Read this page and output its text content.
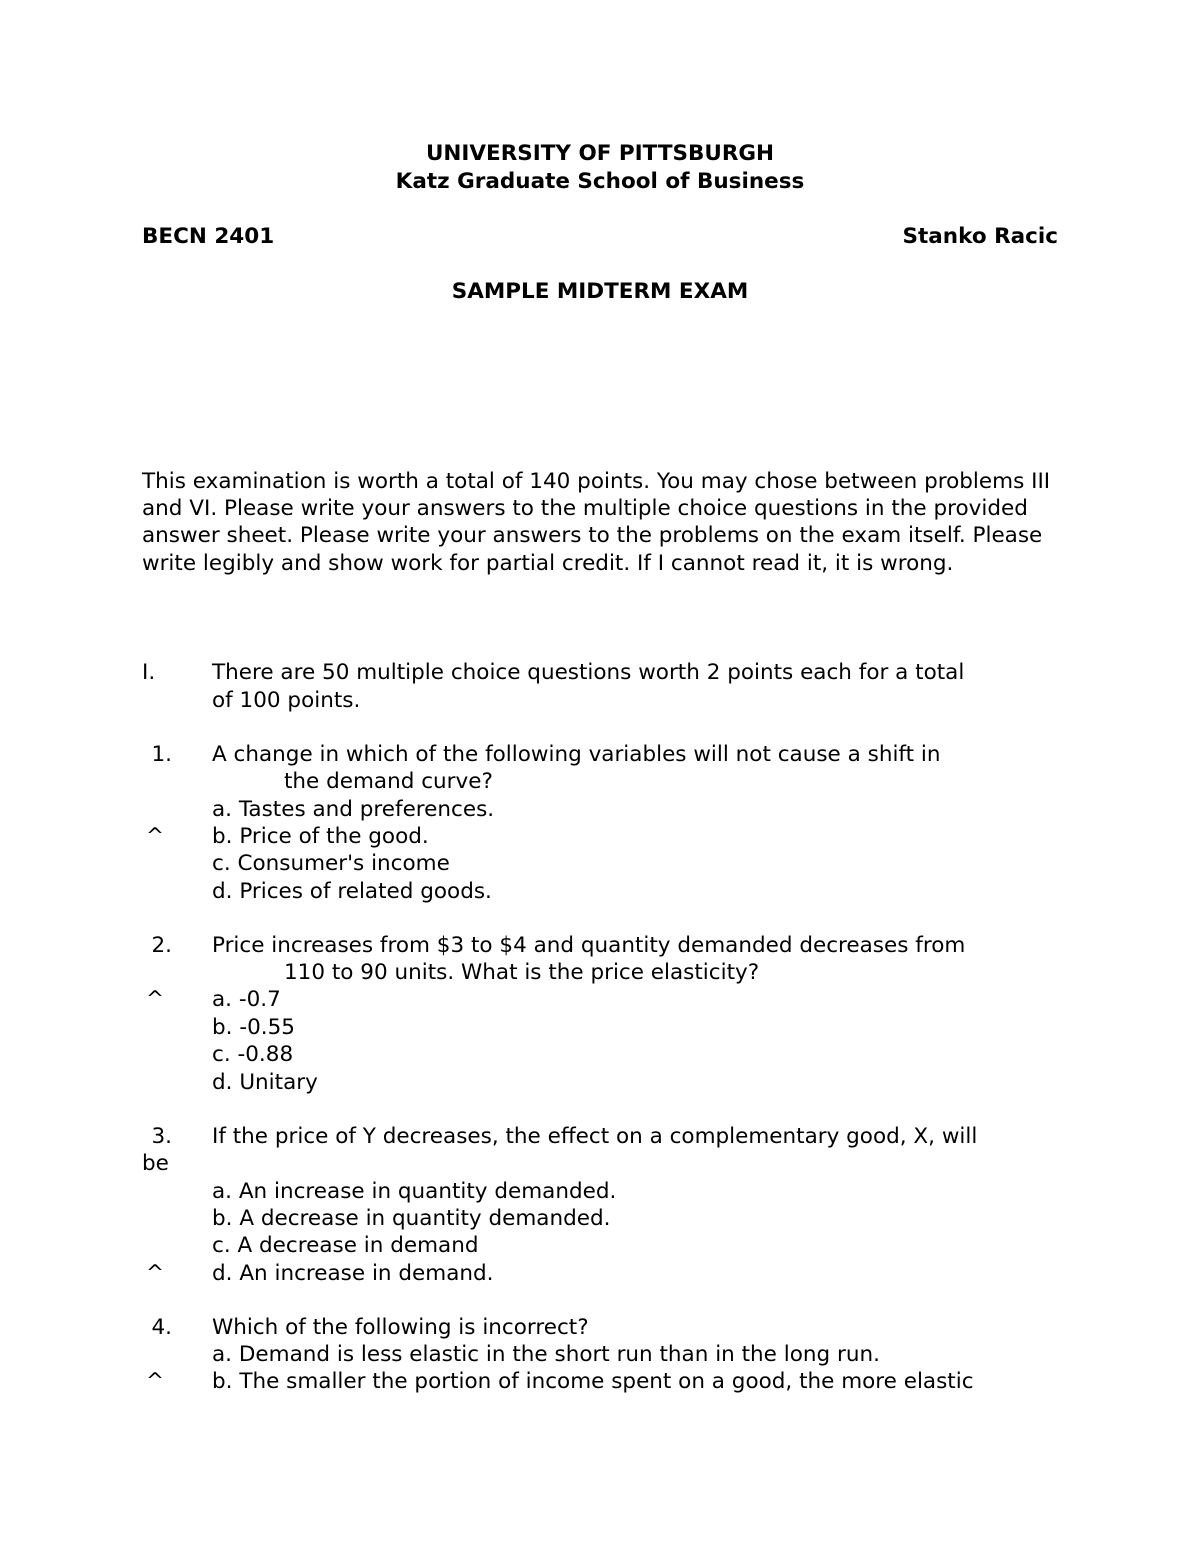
UNIVERSITY OF PITTSBURGH
Katz Graduate School of Business
BECN 2401	Stanko Racic
SAMPLE MIDTERM EXAM
This examination is worth a total of 140 points. You may chose between problems III and VI. Please write your answers to the multiple choice questions in the provided answer sheet. Please write your answers to the problems on the exam itself. Please write legibly and show work for partial credit. If I cannot read it, it is wrong.
I.	There are 50 multiple choice questions worth 2 points each for a total
of 100 points.
1. A change in which of the following variables will not cause a shift in
the demand curve?
a. Tastes and preferences.
^ b. Price of the good.
c. Consumer's income
d. Prices of related goods.
2. Price increases from $3 to $4 and quantity demanded decreases from
110 to 90 units. What is the price elasticity?
^ a. -0.7
b. -0.55
c. -0.88
d. Unitary
3. If the price of Y decreases, the effect on a complementary good, X, will
be
a. An increase in quantity demanded.
b. A decrease in quantity demanded.
c. A decrease in demand
^ d. An increase in demand.
4. Which of the following is incorrect?
a. Demand is less elastic in the short run than in the long run.
^ b. The smaller the portion of income spent on a good, the more elastic
